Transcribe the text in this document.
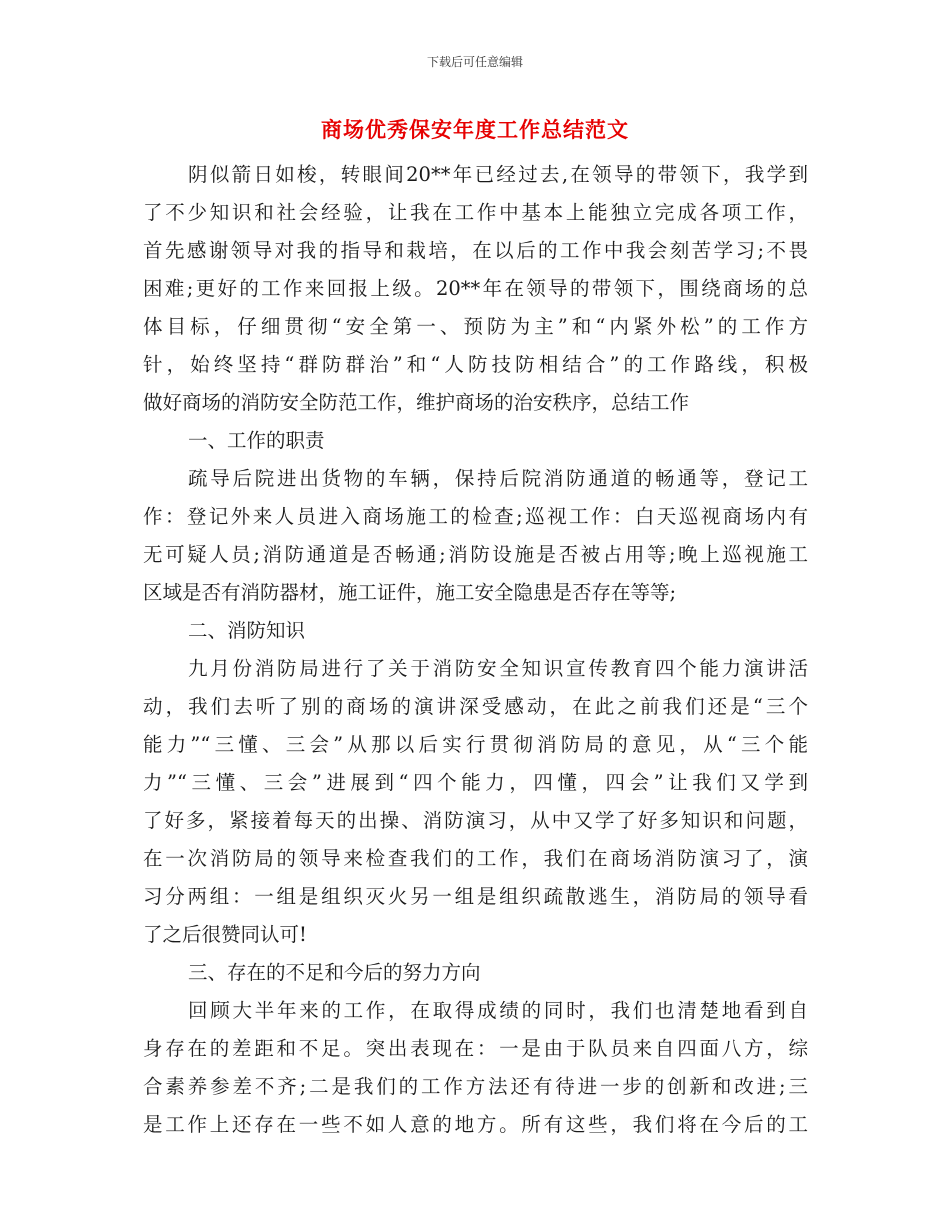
下载后可任意编辑
商场优秀保安年度工作总结范文
阴似箭日如梭，转眼间20**年已经过去,在领导的带领下，我学到
了不少知识和社会经验，让我在工作中基本上能独立完成各项工作，
首先感谢领导对我的指导和栽培，在以后的工作中我会刻苦学习;不畏
困难;更好的工作来回报上级。20**年在领导的带领下，围绕商场的总
体目标，仔细贯彻“安全第一、预防为主”和“内紧外松”的工作方
针，始终坚持“群防群治”和“人防技防相结合”的工作路线，积极
做好商场的消防安全防范工作，维护商场的治安秩序，总结工作
一、工作的职责
疏导后院进出货物的车辆，保持后院消防通道的畅通等，登记工
作：登记外来人员进入商场施工的检查;巡视工作：白天巡视商场内有
无可疑人员;消防通道是否畅通;消防设施是否被占用等;晚上巡视施工
区域是否有消防器材，施工证件，施工安全隐患是否存在等等;
二、消防知识
九月份消防局进行了关于消防安全知识宣传教育四个能力演讲活
动，我们去听了别的商场的演讲深受感动，在此之前我们还是“三个
能力”“三懂、三会”从那以后实行贯彻消防局的意见，从“三个能
力”“三懂、三会”进展到“四个能力，四懂，四会”让我们又学到
了好多，紧接着每天的出操、消防演习，从中又学了好多知识和问题，
在一次消防局的领导来检查我们的工作，我们在商场消防演习了，演
习分两组：一组是组织灭火另一组是组织疏散逃生，消防局的领导看
了之后很赞同认可!
三、存在的不足和今后的努力方向
回顾大半年来的工作，在取得成绩的同时，我们也清楚地看到自
身存在的差距和不足。突出表现在：一是由于队员来自四面八方，综
合素养参差不齐;二是我们的工作方法还有待进一步的创新和改进;三
是工作上还存在一些不如人意的地方。所有这些，我们将在今后的工
